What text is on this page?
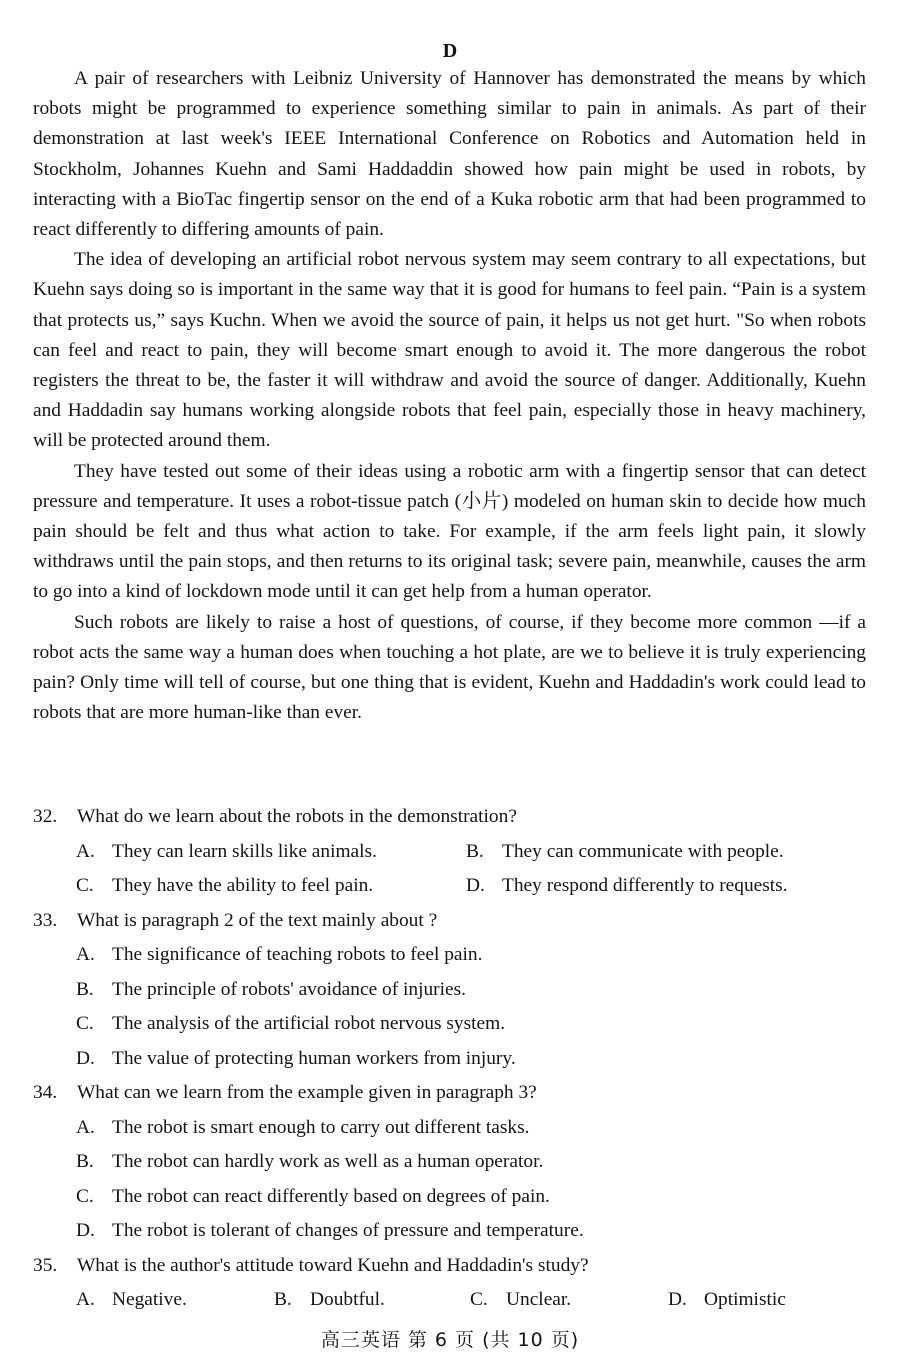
D

A pair of researchers with Leibniz University of Hannover has demonstrated the means by which robots might be programmed to experience something similar to pain in animals. As part of their demonstration at last week's IEEE International Conference on Robotics and Automation held in Stockholm, Johannes Kuehn and Sami Haddaddin showed how pain might be used in robots, by interacting with a BioTac fingertip sensor on the end of a Kuka robotic arm that had been programmed to react differently to differing amounts of pain.

The idea of developing an artificial robot nervous system may seem contrary to all expectations, but Kuehn says doing so is important in the same way that it is good for humans to feel pain. “Pain is a system that protects us,” says Kuchn. When we avoid the source of pain, it helps us not get hurt. "So when robots can feel and react to pain, they will become smart enough to avoid it. The more dangerous the robot registers the threat to be, the faster it will withdraw and avoid the source of danger. Additionally, Kuehn and Haddadin say humans working alongside robots that feel pain, especially those in heavy machinery, will be protected around them.

They have tested out some of their ideas using a robotic arm with a fingertip sensor that can detect pressure and temperature. It uses a robot-tissue patch (小片) modeled on human skin to decide how much pain should be felt and thus what action to take. For example, if the arm feels light pain, it slowly withdraws until the pain stops, and then returns to its original task; severe pain, meanwhile, causes the arm to go into a kind of lockdown mode until it can get help from a human operator.

Such robots are likely to raise a host of questions, of course, if they become more common —if a robot acts the same way a human does when touching a hot plate, are we to believe it is truly experiencing pain? Only time will tell of course, but one thing that is evident, Kuehn and Haddadin's work could lead to robots that are more human-like than ever.

32. What do we learn about the robots in the demonstration?
A. They can learn skills like animals.	B. They can communicate with people.
C. They have the ability to feel pain.	D. They respond differently to requests.
33. What is paragraph 2 of the text mainly about ?
A. The significance of teaching robots to feel pain.
B. The principle of robots' avoidance of injuries.
C. The analysis of the artificial robot nervous system.
D. The value of protecting human workers from injury.
34. What can we learn from the example given in paragraph 3?
A. The robot is smart enough to carry out different tasks.
B. The robot can hardly work as well as a human operator.
C. The robot can react differently based on degrees of pain.
D. The robot is tolerant of changes of pressure and temperature.
35. What is the author's attitude toward Kuehn and Haddadin's study?
A. Negative.	B. Doubtful.	C. Unclear.	D. Optimistic
高三英语 第 6 页 (共 10 页)
